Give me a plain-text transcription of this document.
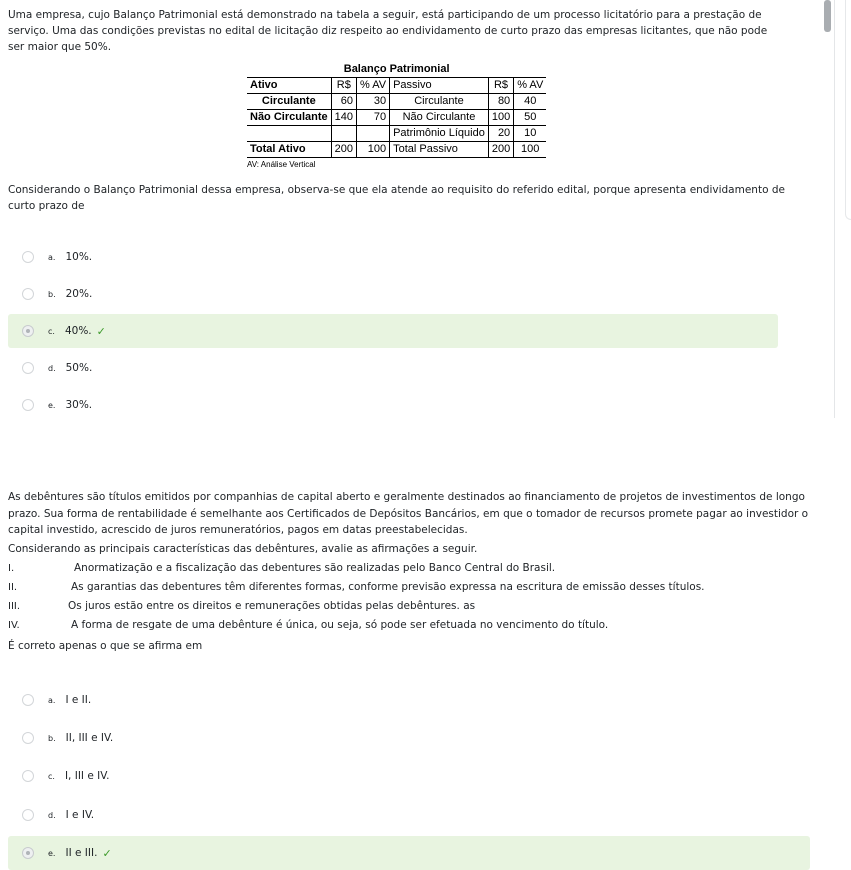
Uma empresa, cujo Balanço Patrimonial está demonstrado na tabela a seguir, está participando de um processo licitatório para a prestação de serviço. Uma das condições previstas no edital de licitação diz respeito ao endividamento de curto prazo das empresas licitantes, que não pode ser maior que 50%.

Balanço Patrimonial					
Ativo	R$	% AV	Passivo	R$	% AV
Circulante	60	30	Circulante	80	40
Não Circulante	140	70	Não Circulante	100	50
			Patrimônio Líquido	20	10
Total Ativo	200	100	Total Passivo	200	100
AV: Análise Vertical

Considerando o Balanço Patrimonial dessa empresa, observa-se que ela atende ao requisito do referido edital, porque apresenta endividamento de curto prazo de

a. 10%.
b. 20%.
c. 40%. ✓
d. 50%.
e. 30%.

As debêntures são títulos emitidos por companhias de capital aberto e geralmente destinados ao financiamento de projetos de investimentos de longo prazo. Sua forma de rentabilidade é semelhante aos Certificados de Depósitos Bancários, em que o tomador de recursos promete pagar ao investidor o capital investido, acrescido de juros remuneratórios, pagos em datas preestabelecidas.

Considerando as principais características das debêntures, avalie as afirmações a seguir.
I.	Anormatização e a fiscalização das debentures são realizadas pelo Banco Central do Brasil.
II.	As garantias das debentures têm diferentes formas, conforme previsão expressa na escritura de emissão desses títulos.
III.	Os juros estão entre os direitos e remunerações obtidas pelas debêntures. as
IV.	A forma de resgate de uma debênture é única, ou seja, só pode ser efetuada no vencimento do título.
É correto apenas o que se afirma em
a. I e II.
b. II, III e IV.
c. I, III e IV.
d. I e IV.
e. II e III. ✓
